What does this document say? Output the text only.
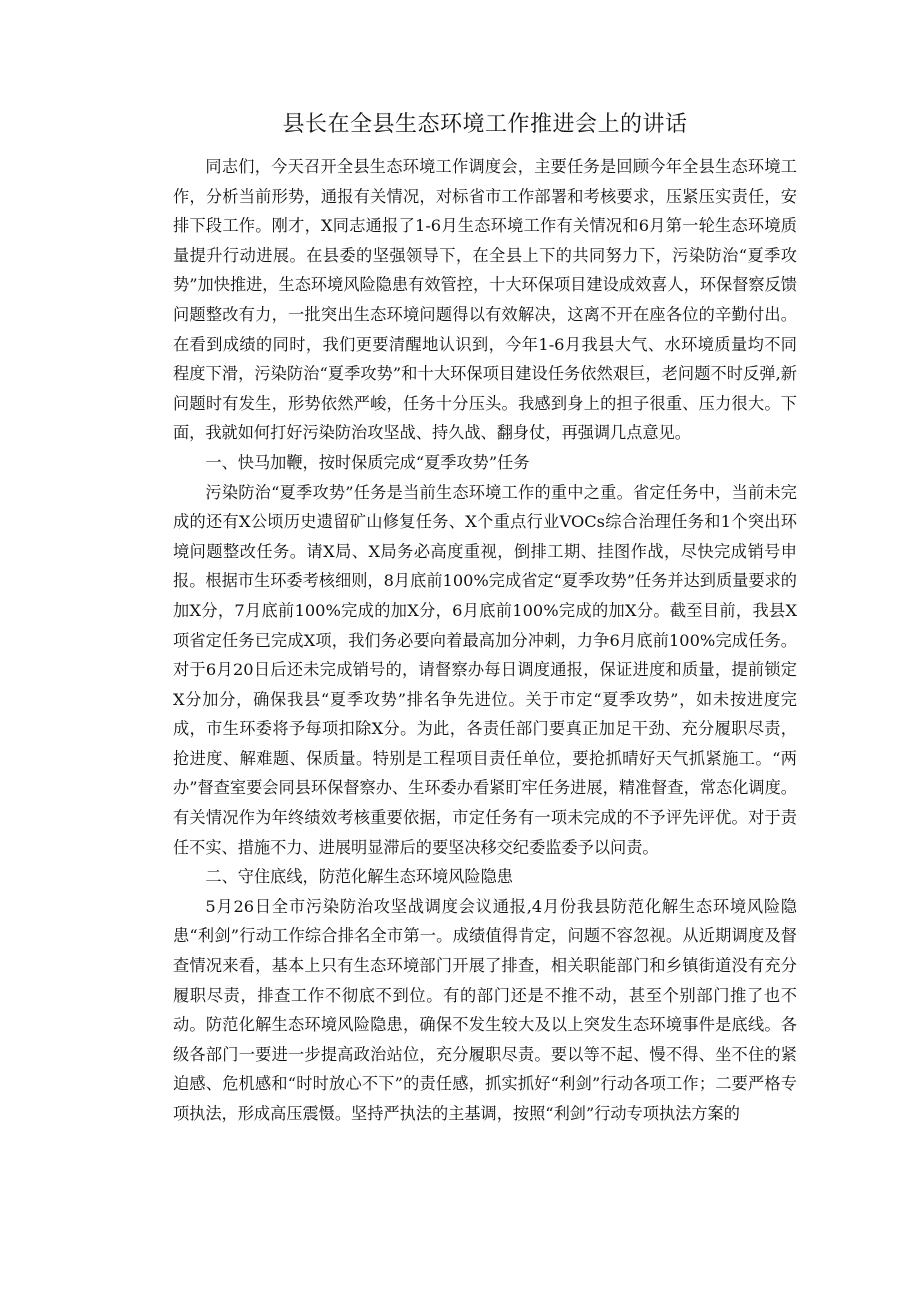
县长在全县生态环境工作推进会上的讲话

同志们，今天召开全县生态环境工作调度会，主要任务是回顾今年全县生态环境工作，分析当前形势，通报有关情况，对标省市工作部署和考核要求，压紧压实责任，安排下段工作。刚才，X同志通报了1-6月生态环境工作有关情况和6月第一轮生态环境质量提升行动进展。在县委的坚强领导下，在全县上下的共同努力下，污染防治“夏季攻势”加快推进，生态环境风险隐患有效管控，十大环保项目建设成效喜人，环保督察反馈问题整改有力，一批突出生态环境问题得以有效解决，这离不开在座各位的辛勤付出。在看到成绩的同时，我们更要清醒地认识到，今年1-6月我县大气、水环境质量均不同程度下滑，污染防治“夏季攻势”和十大环保项目建设任务依然艰巨，老问题不时反弹,新问题时有发生，形势依然严峻，任务十分压头。我感到身上的担子很重、压力很大。下面，我就如何打好污染防治攻坚战、持久战、翻身仗，再强调几点意见。

一、快马加鞭，按时保质完成“夏季攻势”任务

污染防治“夏季攻势”任务是当前生态环境工作的重中之重。省定任务中，当前未完成的还有X公顷历史遗留矿山修复任务、X个重点行业VOCs综合治理任务和1个突出环境问题整改任务。请X局、X局务必高度重视，倒排工期、挂图作战，尽快完成销号申报。根据市生环委考核细则，8月底前100%完成省定“夏季攻势”任务并达到质量要求的加X分，7月底前100%完成的加X分，6月底前100%完成的加X分。截至目前，我县X项省定任务已完成X项，我们务必要向着最高加分冲刺，力争6月底前100%完成任务。对于6月20日后还未完成销号的，请督察办每日调度通报，保证进度和质量，提前锁定X分加分，确保我县“夏季攻势”排名争先进位。关于市定“夏季攻势”，如未按进度完成，市生环委将予每项扣除X分。为此，各责任部门要真正加足干劲、充分履职尽责，抢进度、解难题、保质量。特别是工程项目责任单位，要抢抓晴好天气抓紧施工。“两办”督查室要会同县环保督察办、生环委办看紧盯牢任务进展，精准督查，常态化调度。有关情况作为年终绩效考核重要依据，市定任务有一项未完成的不予评先评优。对于责任不实、措施不力、进展明显滞后的要坚决移交纪委监委予以问责。

二、守住底线，防范化解生态环境风险隐患

5月26日全市污染防治攻坚战调度会议通报,4月份我县防范化解生态环境风险隐患“利剑”行动工作综合排名全市第一。成绩值得肯定，问题不容忽视。从近期调度及督查情况来看，基本上只有生态环境部门开展了排查，相关职能部门和乡镇街道没有充分履职尽责，排查工作不彻底不到位。有的部门还是不推不动，甚至个别部门推了也不动。防范化解生态环境风险隐患，确保不发生较大及以上突发生态环境事件是底线。各级各部门一要进一步提高政治站位，充分履职尽责。要以等不起、慢不得、坐不住的紧迫感、危机感和“时时放心不下”的责任感，抓实抓好“利剑”行动各项工作；二要严格专项执法，形成高压震慑。坚持严执法的主基调，按照“利剑”行动专项执法方案的
